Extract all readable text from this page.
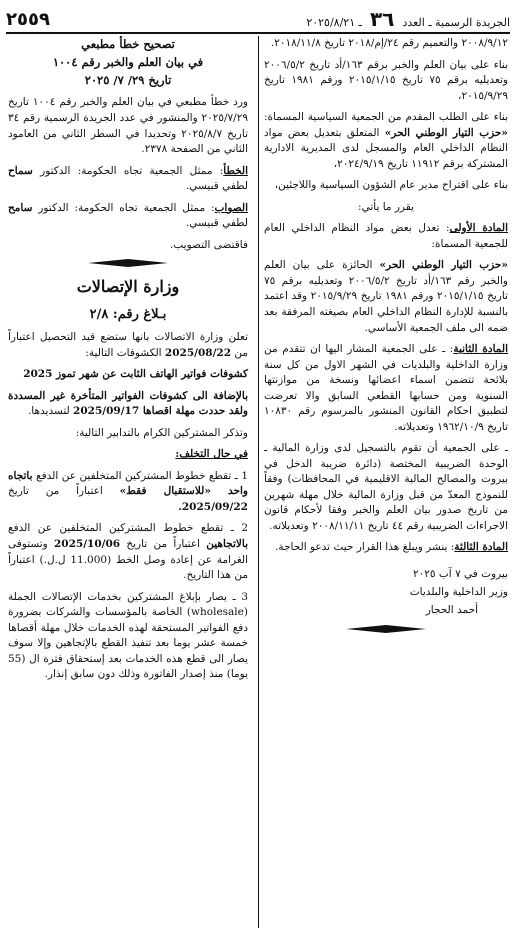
الجريدة الرسمية ـ العدد ٣٦ ـ ٢٠٢٥/٨/٢١
٢٥٥٩

٢٠٠٨/٩/١٢ والتعميم رقم ٢٤/إم/٢٠١٨ تاريخ ٢٠١٨/١١/٨.

بناء على بيان العلم والخبر برقم ١٦٣/أد تاريخ ٢٠٠٦/٥/٢ وتعديليه برقم ٧٥ تاريخ ٢٠١٥/١/١٥ ورقم ١٩٨١ تاريخ ٢٠١٥/٩/٢٩،

بناء على الطلب المقدم من الجمعية السياسية المسماة: «حزب التيار الوطني الحر» المتعلق بتعديل بعض مواد النظام الداخلي العام والمسجل لدى المديرية الادارية المشتركة برقم ١١٩١٢ تاريخ ٢٠٢٤/٩/١٩،

بناء على اقتراح مدير عام الشؤون السياسية واللاجئين،

يقرر ما يأتي:

المادة الأولى: تعدل بعض مواد النظام الداخلي العام للجمعية المسماة:

«حزب التيار الوطني الحر» الحائزة على بيان العلم والخبر رقم ١٦٣/أد تاريخ ٢٠٠٦/٥/٢ وتعديليه برقم ٧٥ تاريخ ٢٠١٥/١/١٥ ورقم ١٩٨١ تاريخ ٢٠١٥/٩/٢٩ وقد اعتمد بالنسبة للإدارة النظام الداخلي العام بصيغته المرفقة بعد ضمه الى ملف الجمعية الأساسي.

المادة الثانية: ـ على الجمعية المشار اليها ان تتقدم من وزارة الداخلية والبلديات في الشهر الاول من كل سنة بلائحة تتضمن اسماء اعضائها ونسخة من موازنتها السنوية ومن حسابها القطعي السابق والا تعرضت لتطبيق احكام القانون المنشور بالمرسوم رقم ١٠٨٣٠ تاريخ ١٩٦٢/١٠/٩ وتعديلاته.

ـ على الجمعية أن تقوم بالتسجيل لدى وزارة المالية ـ الوحدة الضريبية المختصة (دائرة ضريبة الدخل في بيروت والمصالح المالية الاقليمية في المحافظات) وفقاً للنموذج المعدّ من قبل وزارة المالية خلال مهلة شهرين من تاريخ صدور بيان العلم والخبر وفقا لأحكام قانون الاجراءات الضريبية رقم ٤٤ تاريخ ٢٠٠٨/١١/١١ وتعديلاته.

المادة الثالثة: ينشر ويبلغ هذا القرار حيث تدعو الحاجة.

بيروت في ٧ آب ٢٠٢٥

وزير الداخلية والبلديات

أحمد الحجار

تصحيح خطأ مطبعي

في بيان العلم والخبر رقم ١٠٠٤

تاريخ ٢٩/ ٧/ ٢٠٢٥

ورد خطأ مطبعي في بيان العلم والخبر رقم ١٠٠٤ تاريخ ٢٠٢٥/٧/٢٩ والمنشور في عدد الجريدة الرسمية رقم ٣٤ تاريخ ٢٠٢٥/٨/٧ وتحديدا في السطر الثاني من العامود الثاني من الصفحة ٢٣٧٨.

الخطأ: ممثل الجمعية تجاه الحكومة: الدكتور سماح لطفي قبيسي.

الصواب: ممثل الجمعية تجاه الحكومة: الدكتور سامح لطفي قبيسي.

فاقتضى التصويب.

وزارة الإتصالات

بـلاغ رقم: ٢/٨

تعلن وزارة الاتصالات بانها ستضع قيد التحصيل اعتباراً من 2025/08/22 الكشوفات التالية:

كشوفات فواتير الهاتف الثابت عن شهر تموز 2025

بالإضافة الى كشوفات الفواتير المتأخرة غير المسددة ولقد حددت مهلة اقصاها 2025/09/17 لتسديدها.

وتذكر المشتركين الكرام بالتدابير التالية:

في حال التخلف:

1 ـ تقطع خطوط المشتركين المتخلفين عن الدفع باتجاه واحد «للاستقبال فقط» اعتباراً من تاريخ 2025/09/22.

2 ـ تقطع خطوط المشتركين المتخلفين عن الدفع بالاتجاهين اعتباراً من تاريخ 2025/10/06 وتستوفى الغرامة عن إعادة وصل الخط (11.000 ل.ل.) اعتباراً من هذا التاريخ.

3 ـ يصار بإبلاغ المشتركين بخدمات الإتصالات الجملة (wholesale) الخاصة بالمؤسسات والشركات بضرورة دفع الفواتير المستحقة لهذه الخدمات خلال مهلة أقصاها خمسة عشر يوما بعد تنفيذ القطع بالإتجاهين وإلا سوف يصار الى قطع هذه الخدمات بعد إستحقاق فترة ال (55 يوما) منذ إصدار الفاتورة وذلك دون سابق إنذار.
